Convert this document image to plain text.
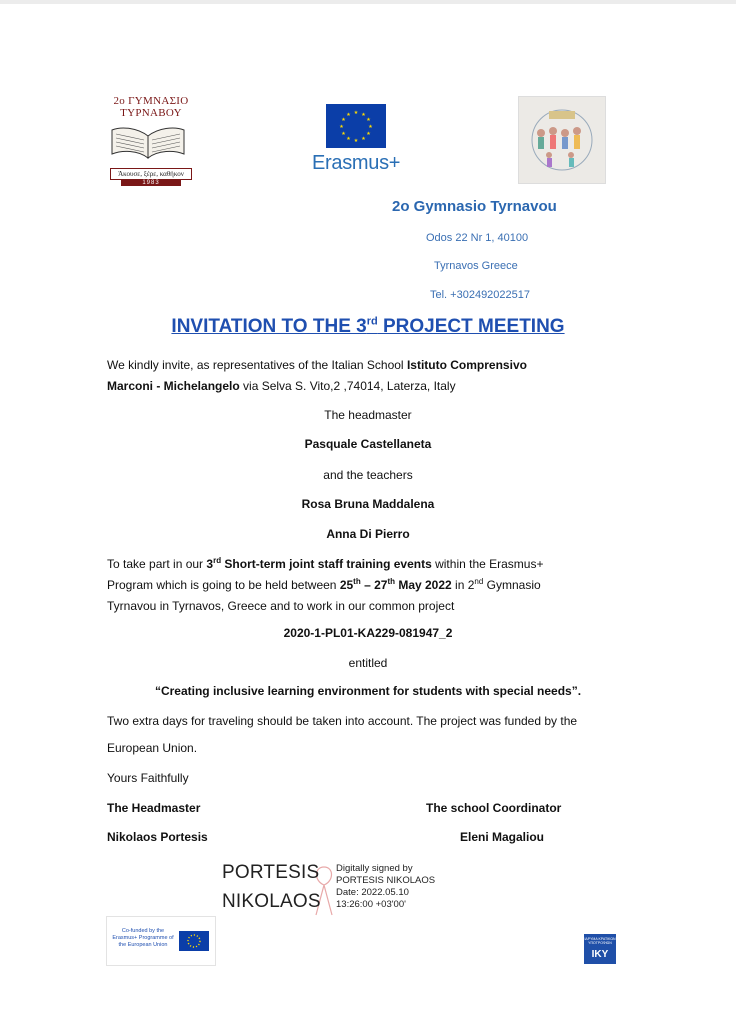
2ο ΓΥΜΝΑΣΙΟ
ΤΥΡΝΑΒΟΥ
Άκουσε, ξέρε, καθήκον
1983
★ ★
★
★
★
★
★
★
★
★
★
★
Erasmus+
2o Gymnasio Tyrnavou
Odos 22 Nr 1, 40100
Tyrnavos Greece
Tel. +302492022517
INVITATION TO THE 3rd PROJECT MEETING
We kindly invite, as representatives of the Italian School Istituto Comprensivo
Marconi - Michelangelo via Selva S. Vito,2 ,74014, Laterza, Italy
The headmaster
Pasquale Castellaneta
and the teachers
Rosa Bruna Maddalena
Anna Di Pierro
To take part in our 3rd Short-term joint staff training events within the Erasmus+
Program which is going to be held between 25th – 27th May 2022 in 2nd Gymnasio
Tyrnavou in Tyrnavos, Greece and to work in our common project
2020-1-PL01-KA229-081947_2
entitled
“Creating inclusive learning environment for students with special needs”.
Two extra days for traveling should be taken into account. The project was funded by the
European Union.
Yours Faithfully
The Headmaster
Nikolaos Portesis
The school Coordinator
Eleni Magaliou
PORTESIS
NIKOLAOS
Digitally signed by
PORTESIS NIKOLAOS
Date: 2022.05.10
13:26:00 +03'00'
Co-funded by the Erasmus+ Programme of the European Union
ΙΔΡΥΜΑ ΚΡΑΤΙΚΩΝ ΥΠΟΤΡΟΦΙΩΝ
IKY
